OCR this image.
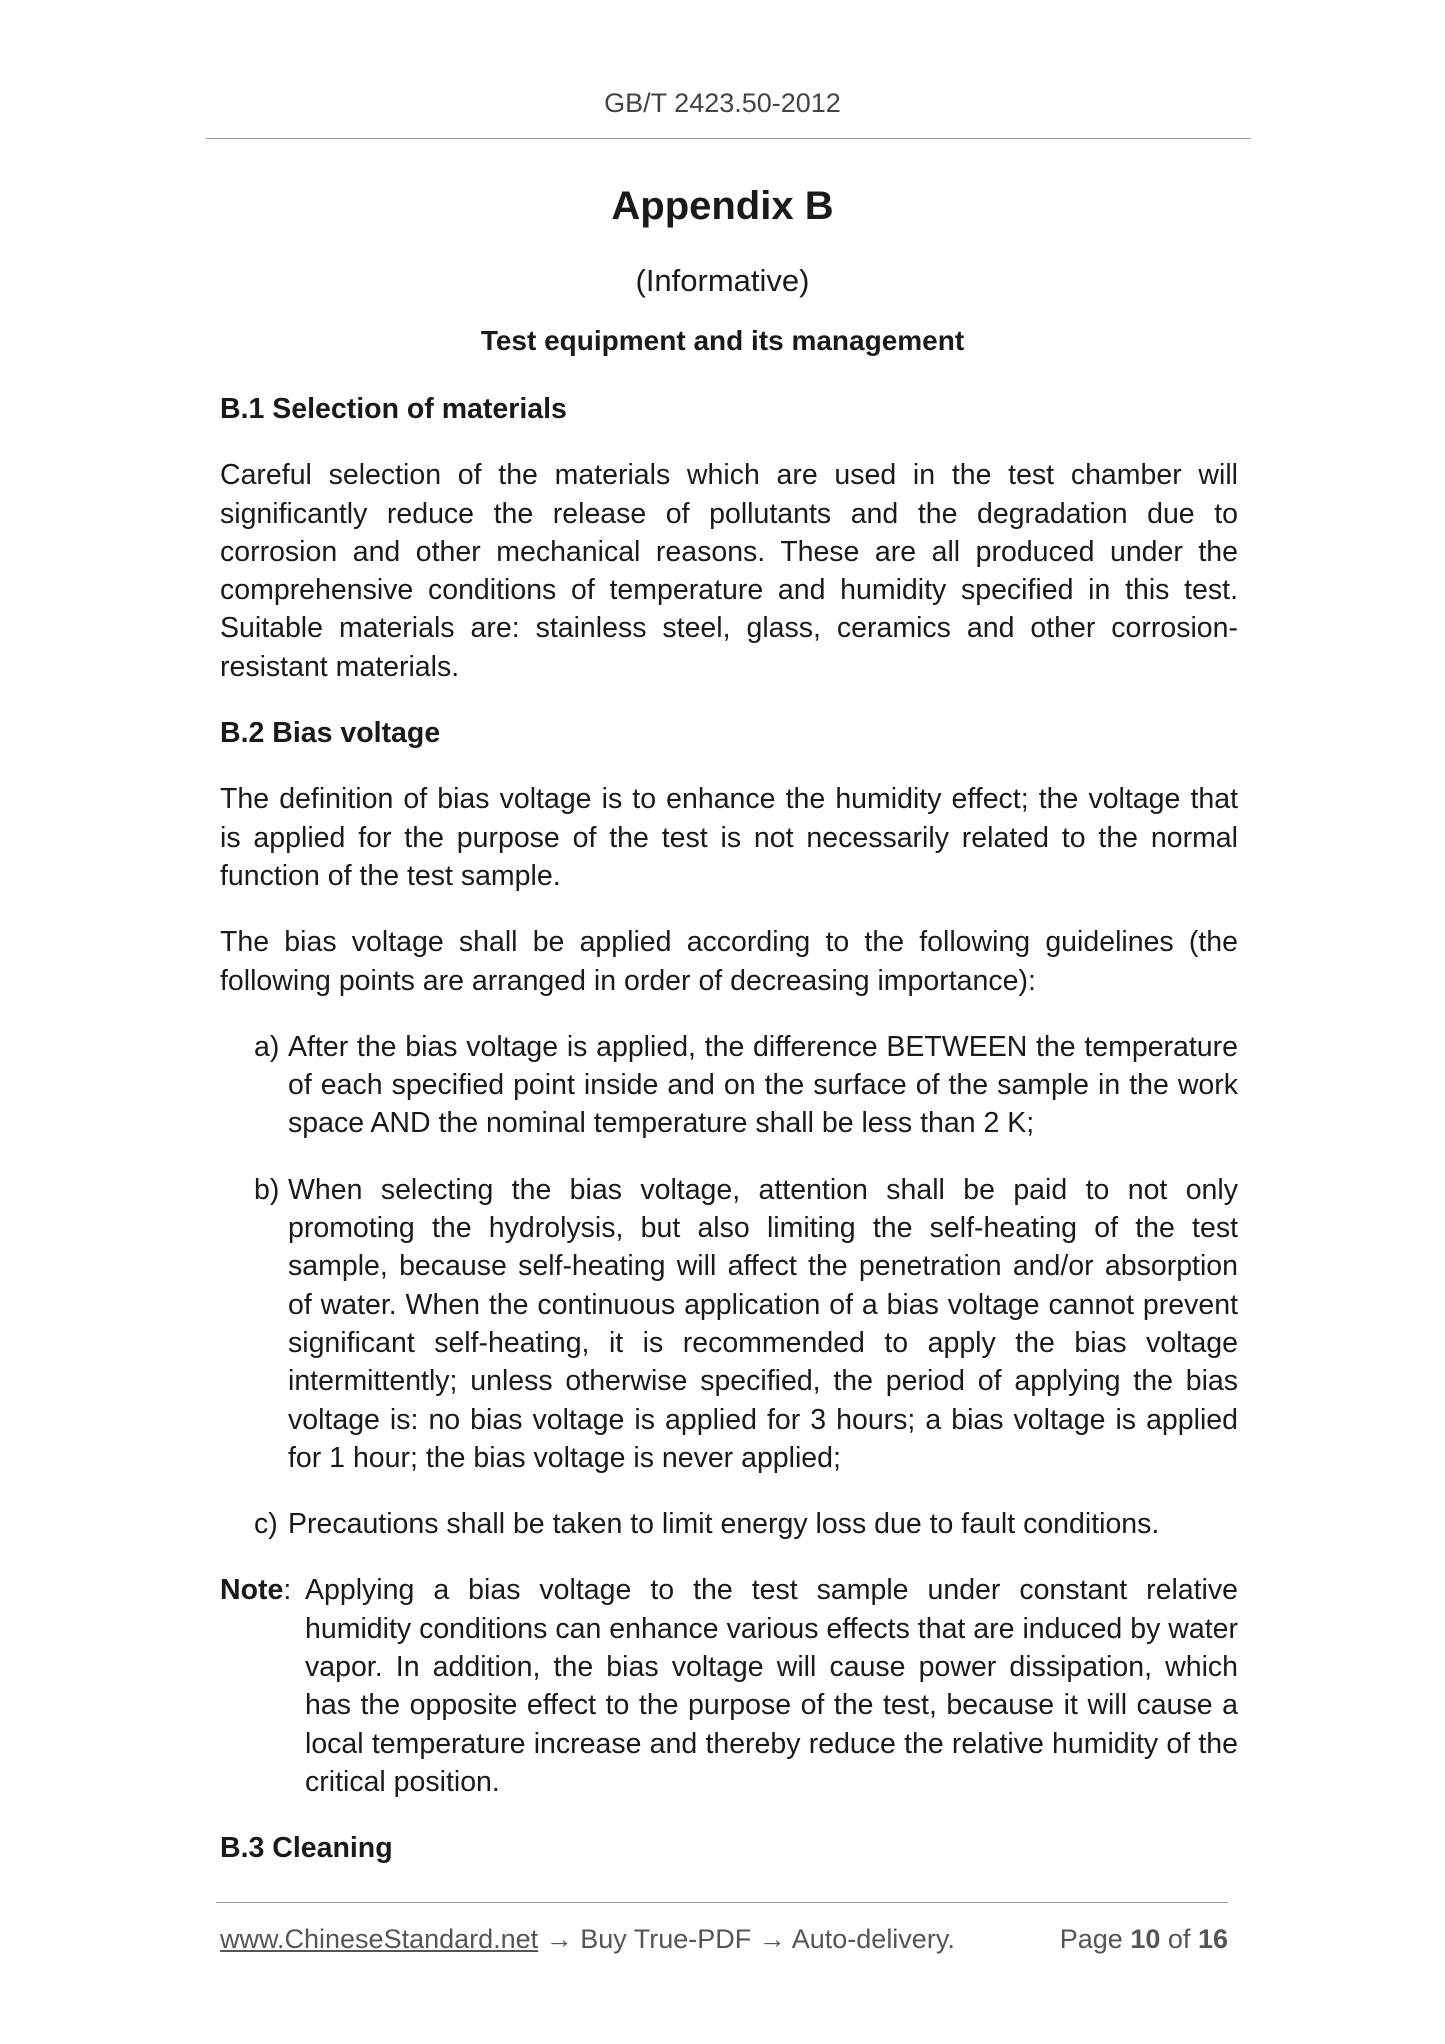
GB/T 2423.50-2012
Appendix B
(Informative)
Test equipment and its management
B.1 Selection of materials
Careful selection of the materials which are used in the test chamber will significantly reduce the release of pollutants and the degradation due to corrosion and other mechanical reasons. These are all produced under the comprehensive conditions of temperature and humidity specified in this test. Suitable materials are: stainless steel, glass, ceramics and other corrosion-resistant materials.
B.2 Bias voltage
The definition of bias voltage is to enhance the humidity effect; the voltage that is applied for the purpose of the test is not necessarily related to the normal function of the test sample.
The bias voltage shall be applied according to the following guidelines (the following points are arranged in order of decreasing importance):
a) After the bias voltage is applied, the difference BETWEEN the temperature of each specified point inside and on the surface of the sample in the work space AND the nominal temperature shall be less than 2 K;
b) When selecting the bias voltage, attention shall be paid to not only promoting the hydrolysis, but also limiting the self-heating of the test sample, because self-heating will affect the penetration and/or absorption of water. When the continuous application of a bias voltage cannot prevent significant self-heating, it is recommended to apply the bias voltage intermittently; unless otherwise specified, the period of applying the bias voltage is: no bias voltage is applied for 3 hours; a bias voltage is applied for 1 hour; the bias voltage is never applied;
c) Precautions shall be taken to limit energy loss due to fault conditions.
Note: Applying a bias voltage to the test sample under constant relative humidity conditions can enhance various effects that are induced by water vapor. In addition, the bias voltage will cause power dissipation, which has the opposite effect to the purpose of the test, because it will cause a local temperature increase and thereby reduce the relative humidity of the critical position.
B.3 Cleaning
www.ChineseStandard.net → Buy True-PDF → Auto-delivery.	Page 10 of 16
